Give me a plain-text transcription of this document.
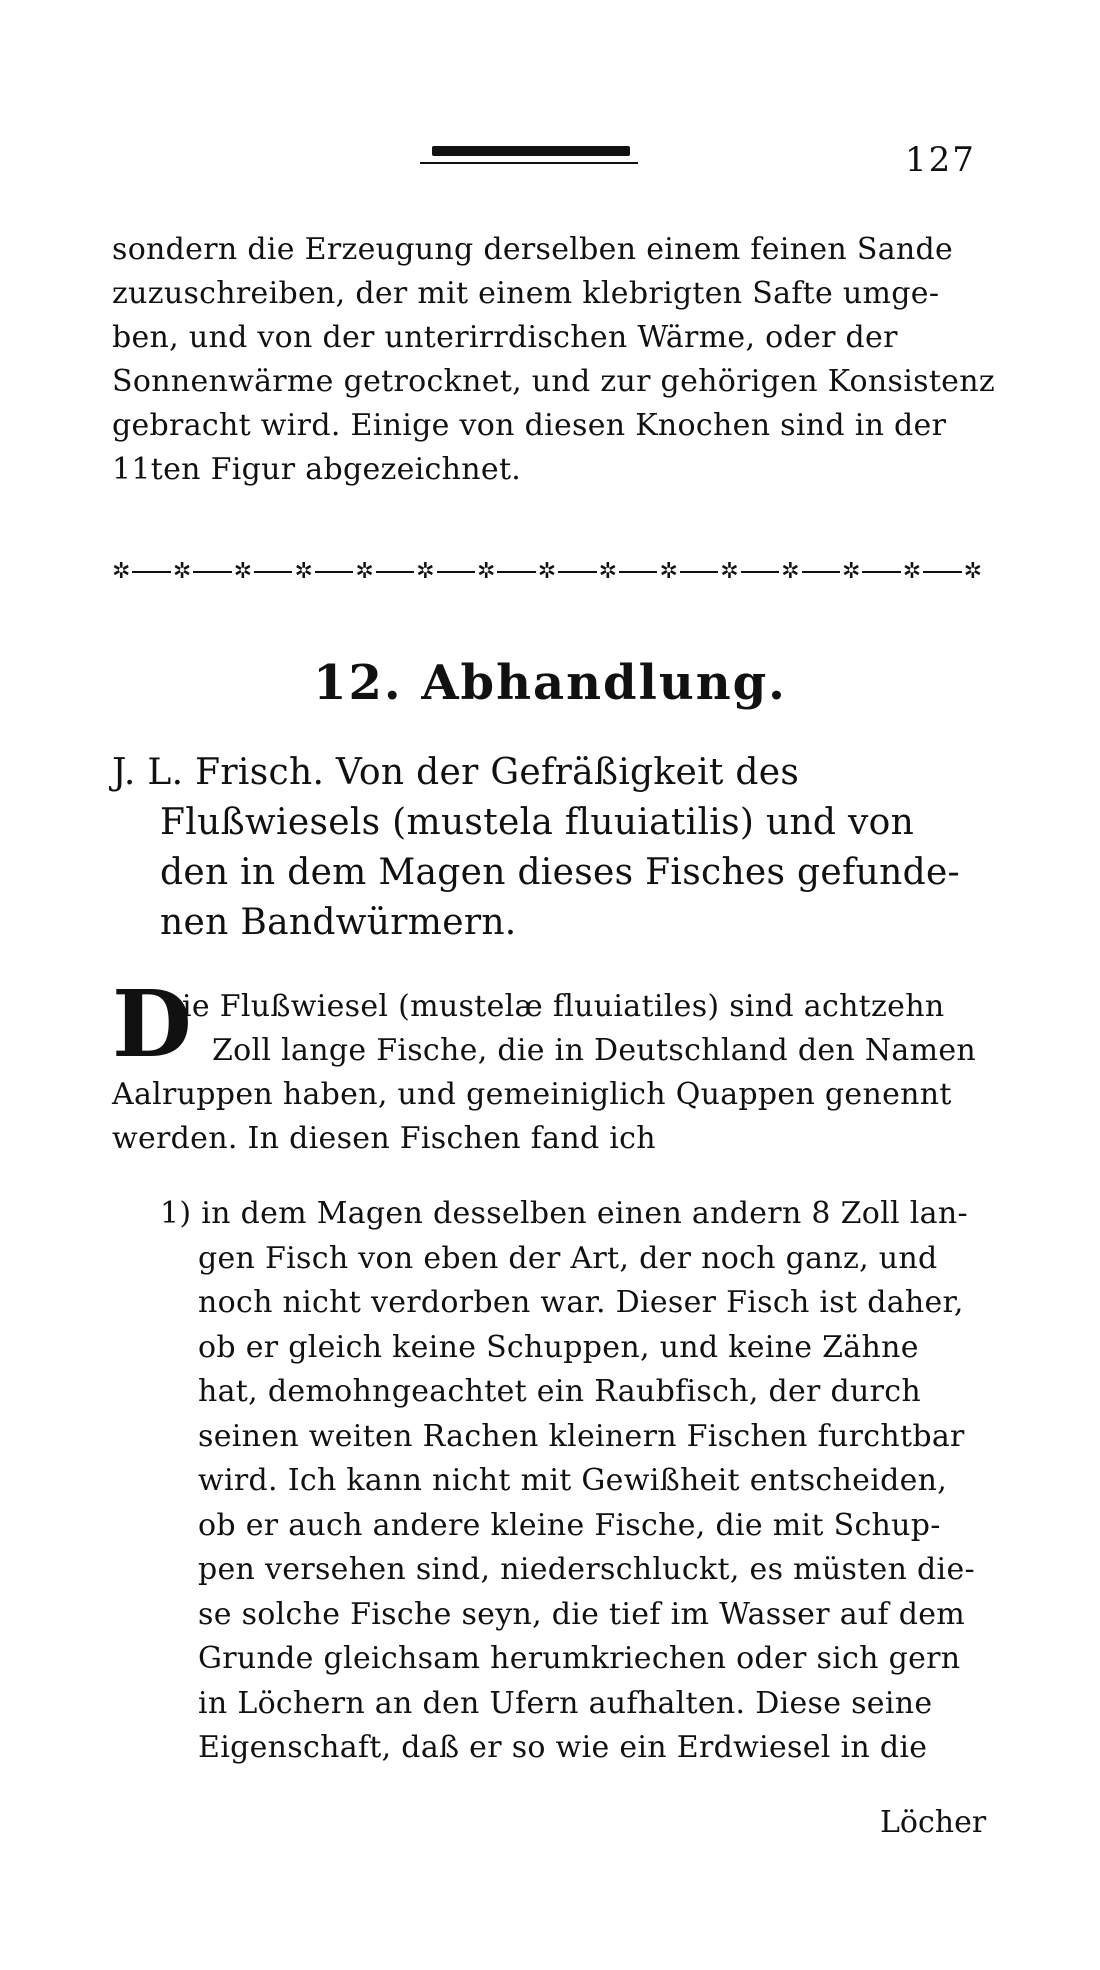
127
sondern die Erzeugung derselben einem feinen Sande
zuzuschreiben, der mit einem klebrigten Safte umge-
ben, und von der unterirrdischen Wärme, oder der
Sonnenwärme getrocknet, und zur gehörigen Konsistenz
gebracht wird. Einige von diesen Knochen sind in der
11ten Figur abgezeichnet.
✲ ✲ ✲ ✲ ✲ ✲ ✲ ✲ ✲ ✲ ✲ ✲ ✲ ✲ ✲
12. Abhandlung.
J. L. Frisch. Von der Gefräßigkeit des
Flußwiesels (mustela fluuiatilis) und von
den in dem Magen dieses Fisches gefunde-
nen Bandwürmern.
D
ie Flußwiesel (mustelæ fluuiatiles) sind achtzehn
Zoll lange Fische, die in Deutschland den Namen
Aalruppen haben, und gemeiniglich Quappen genennt
werden. In diesen Fischen fand ich
1) in dem Magen desselben einen andern 8 Zoll lan-
gen Fisch von eben der Art, der noch ganz, und
noch nicht verdorben war. Dieser Fisch ist daher,
ob er gleich keine Schuppen, und keine Zähne
hat, demohngeachtet ein Raubfisch, der durch
seinen weiten Rachen kleinern Fischen furchtbar
wird. Ich kann nicht mit Gewißheit entscheiden,
ob er auch andere kleine Fische, die mit Schup-
pen versehen sind, niederschluckt, es müsten die-
se solche Fische seyn, die tief im Wasser auf dem
Grunde gleichsam herumkriechen oder sich gern
in Löchern an den Ufern aufhalten. Diese seine
Eigenschaft, daß er so wie ein Erdwiesel in die
Löcher
